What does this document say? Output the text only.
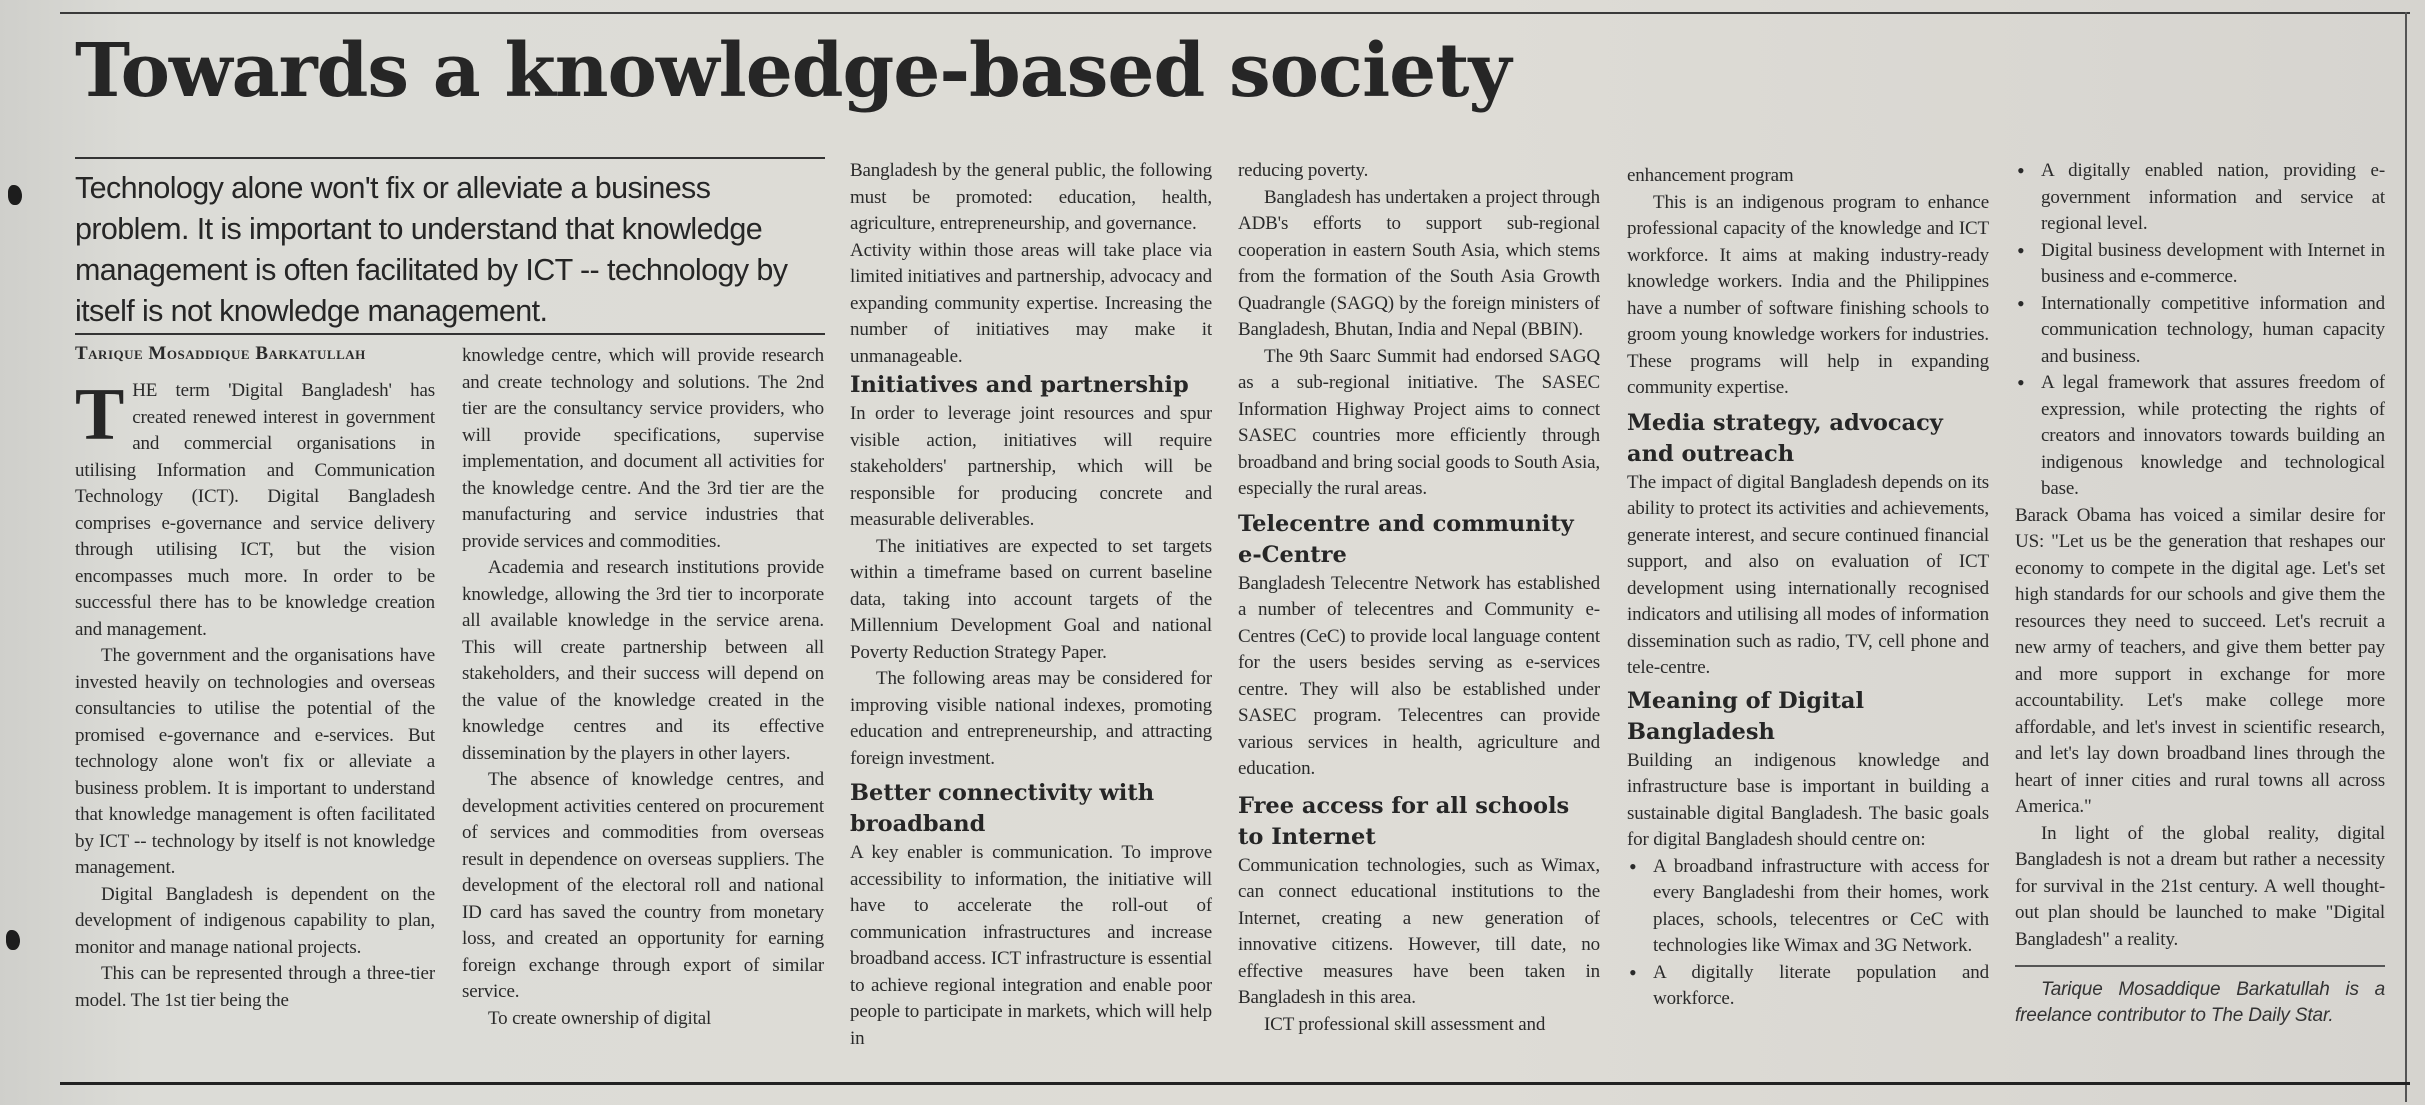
Towards a knowledge-based society

Technology alone won't fix or alleviate a business problem. It is important to understand that knowledge management is often facilitated by ICT -- technology by itself is not knowledge management.

Tarique Mosaddique Barkatullah

THE term 'Digital Bangladesh' has created renewed interest in government and commercial organisations in utilising Information and Communication Technology (ICT). Digital Bangladesh comprises e-governance and service delivery through utilising ICT, but the vision encompasses much more. In order to be successful there has to be knowledge creation and management.

The government and the organisations have invested heavily on technologies and overseas consultancies to utilise the potential of the promised e-governance and e-services. But technology alone won't fix or alleviate a business problem. It is important to understand that knowledge management is often facilitated by ICT -- technology by itself is not knowledge management.

Digital Bangladesh is dependent on the development of indigenous capability to plan, monitor and manage national projects.

This can be represented through a three-tier model. The 1st tier being the

knowledge centre, which will provide research and create technology and solutions. The 2nd tier are the consultancy service providers, who will provide specifications, supervise implementation, and document all activities for the knowledge centre. And the 3rd tier are the manufacturing and service industries that provide services and commodities.

Academia and research institutions provide knowledge, allowing the 3rd tier to incorporate all available knowledge in the service arena. This will create partnership between all stakeholders, and their success will depend on the value of the knowledge created in the knowledge centres and its effective dissemination by the players in other layers.

The absence of knowledge centres, and development activities centered on procurement of services and commodities from overseas result in dependence on overseas suppliers. The development of the electoral roll and national ID card has saved the country from monetary loss, and created an opportunity for earning foreign exchange through export of similar service.

To create ownership of digital

Bangladesh by the general public, the following must be promoted: education, health, agriculture, entrepreneurship, and governance.

Activity within those areas will take place via limited initiatives and partnership, advocacy and expanding community expertise. Increasing the number of initiatives may make it unmanageable.

Initiatives and partnership

In order to leverage joint resources and spur visible action, initiatives will require stakeholders' partnership, which will be responsible for producing concrete and measurable deliverables.

The initiatives are expected to set targets within a timeframe based on current baseline data, taking into account targets of the Millennium Development Goal and national Poverty Reduction Strategy Paper.

The following areas may be considered for improving visible national indexes, promoting education and entrepreneurship, and attracting foreign investment.

Better connectivity with broadband

A key enabler is communication. To improve accessibility to information, the initiative will have to accelerate the roll-out of communication infrastructures and increase broadband access. ICT infrastructure is essential to achieve regional integration and enable poor people to participate in markets, which will help in

reducing poverty.

Bangladesh has undertaken a project through ADB's efforts to support sub-regional cooperation in eastern South Asia, which stems from the formation of the South Asia Growth Quadrangle (SAGQ) by the foreign ministers of Bangladesh, Bhutan, India and Nepal (BBIN).

The 9th Saarc Summit had endorsed SAGQ as a sub-regional initiative. The SASEC Information Highway Project aims to connect SASEC countries more efficiently through broadband and bring social goods to South Asia, especially the rural areas.

Telecentre and community e-Centre

Bangladesh Telecentre Network has established a number of telecentres and Community e-Centres (CeC) to provide local language content for the users besides serving as e-services centre. They will also be established under SASEC program. Telecentres can provide various services in health, agriculture and education.

Free access for all schools to Internet

Communication technologies, such as Wimax, can connect educational institutions to the Internet, creating a new generation of innovative citizens. However, till date, no effective measures have been taken in Bangladesh in this area.

ICT professional skill assessment and

enhancement program

This is an indigenous program to enhance professional capacity of the knowledge and ICT workforce. It aims at making industry-ready knowledge workers. India and the Philippines have a number of software finishing schools to groom young knowledge workers for industries. These programs will help in expanding community expertise.

Media strategy, advocacy and outreach

The impact of digital Bangladesh depends on its ability to protect its activities and achievements, generate interest, and secure continued financial support, and also on evaluation of ICT development using internationally recognised indicators and utilising all modes of information dissemination such as radio, TV, cell phone and tele-centre.

Meaning of Digital Bangladesh

Building an indigenous knowledge and infrastructure base is important in building a sustainable digital Bangladesh. The basic goals for digital Bangladesh should centre on:

• A broadband infrastructure with access for every Bangladeshi from their homes, work places, schools, telecentres or CeC with technologies like Wimax and 3G Network.
• A digitally literate population and workforce.
• A digitally enabled nation, providing e-government information and service at regional level.
• Digital business development with Internet in business and e-commerce.
• Internationally competitive information and communication technology, human capacity and business.
• A legal framework that assures freedom of expression, while protecting the rights of creators and innovators towards building an indigenous knowledge and technological base.

Barack Obama has voiced a similar desire for US: "Let us be the generation that reshapes our economy to compete in the digital age. Let's set high standards for our schools and give them the resources they need to succeed. Let's recruit a new army of teachers, and give them better pay and more support in exchange for more accountability. Let's make college more affordable, and let's invest in scientific research, and let's lay down broadband lines through the heart of inner cities and rural towns all across America."

In light of the global reality, digital Bangladesh is not a dream but rather a necessity for survival in the 21st century. A well thought-out plan should be launched to make "Digital Bangladesh" a reality.

Tarique Mosaddique Barkatullah is a freelance contributor to The Daily Star.
